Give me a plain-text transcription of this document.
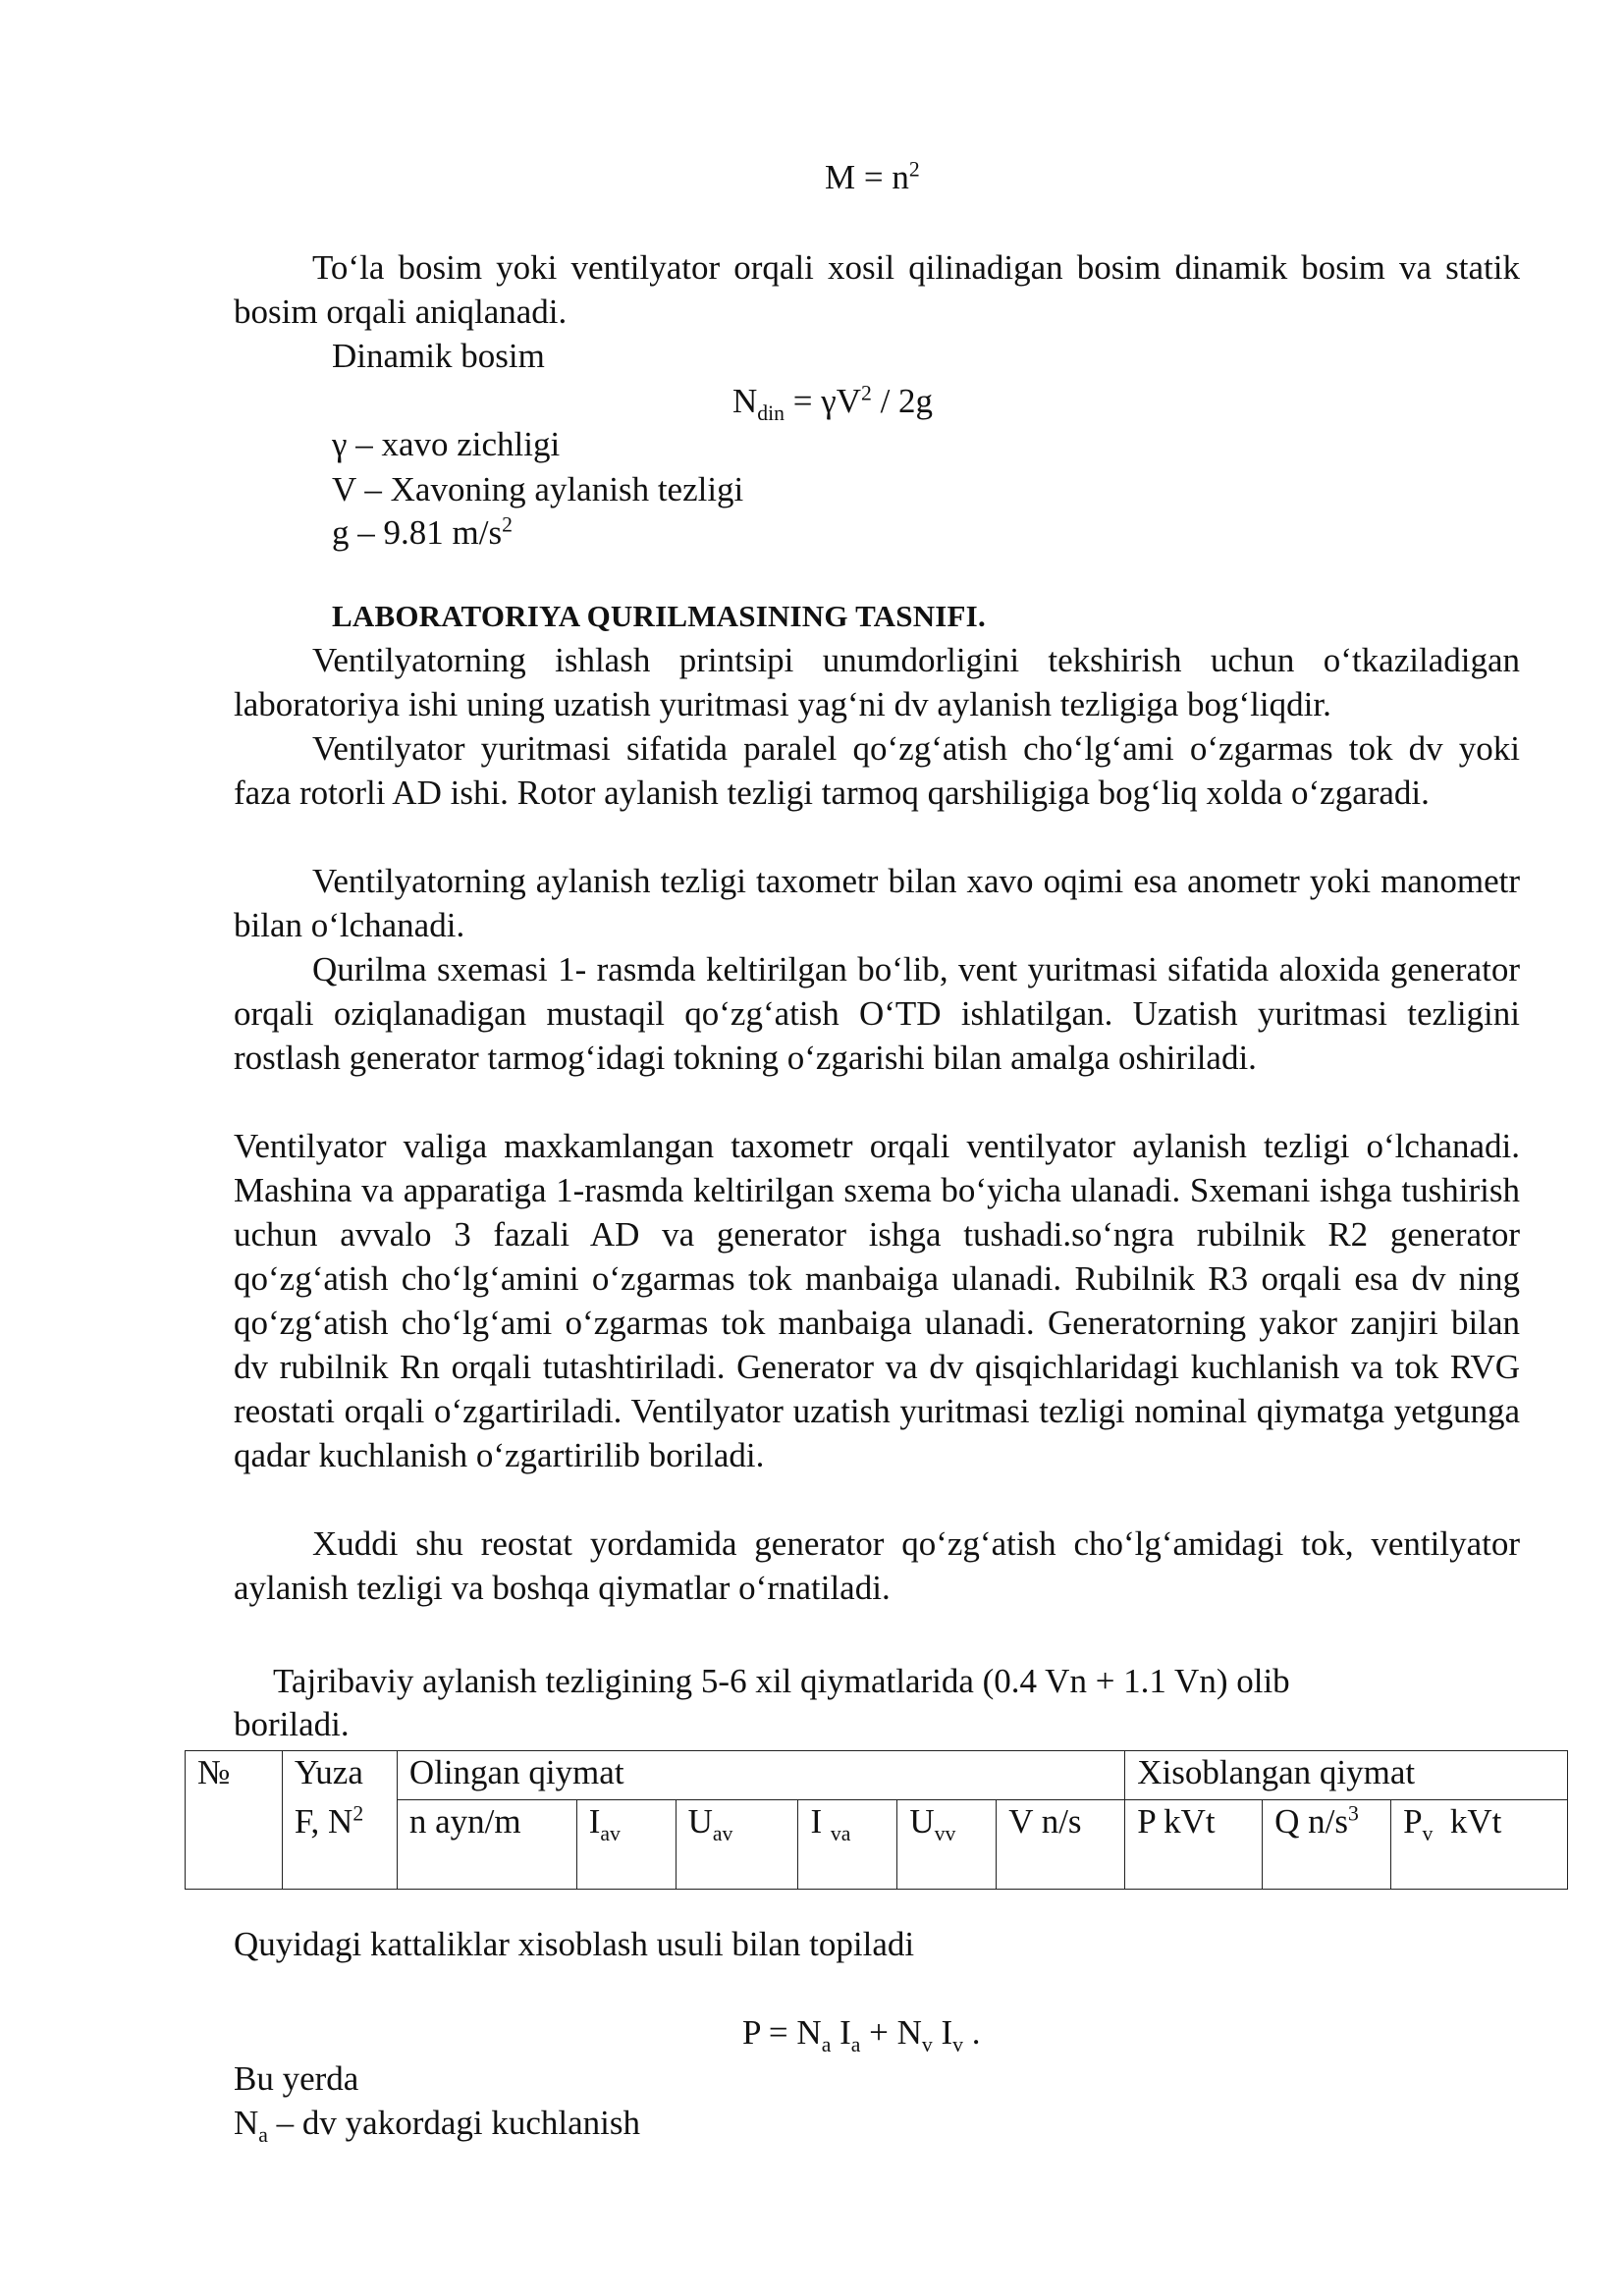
$M = n^2$
To‘la bosim yoki ventilyator orqali xosil qilinadigan bosim dinamik bosim va statik bosim orqali aniqlanadi.
Dinamik bosim
$N_{din} = \gamma V^2 / 2g$
γ – xavo zichligi
V – Xavoning aylanish tezligi
g – 9.81 $m/s^2$
LABORATORIYA QURILMASINING TASNIFI.
Ventilyatorning ishlash printsipi unumdorligini tekshirish uchun o‘tkaziladigan laboratoriya ishi uning uzatish yuritmasi yag‘ni dv aylanish tezligiga bog‘liqdir.
Ventilyator yuritmasi sifatida paralel qo‘zg‘atish cho‘lg‘ami o‘zgarmas tok dv yoki faza rotorli AD ishi. Rotor aylanish tezligi tarmoq qarshiligiga bog‘liq xolda o‘zgaradi.
Ventilyatorning aylanish tezligi taxometr bilan xavo oqimi esa anometr yoki manometr bilan o‘lchanadi.
Qurilma sxemasi 1- rasmda keltirilgan bo‘lib, vent yuritmasi sifatida aloxida generator orqali oziqlanadigan mustaqil qo‘zg‘atish O‘TD ishlatilgan. Uzatish yuritmasi tezligini rostlash generator tarmog‘idagi tokning o‘zgarishi bilan amalga oshiriladi.
Ventilyator valiga maxkamlangan taxometr orqali ventilyator aylanish tezligi o‘lchanadi. Mashina va apparatiga 1-rasmda keltirilgan sxema bo‘yicha ulanadi. Sxemani ishga tushirish uchun avvalo 3 fazali AD va generator ishga tushadi.so‘ngra rubilnik R2 generator qo‘zg‘atish cho‘lg‘amini o‘zgarmas tok manbaiga ulanadi. Rubilnik R3 orqali esa dv ning qo‘zg‘atish cho‘lg‘ami o‘zgarmas tok manbaiga ulanadi. Generatorning yakor zanjiri bilan dv rubilnik Rn orqali tutashtiriladi. Generator va dv qisqichlaridagi kuchlanish va tok RVG reostati orqali o‘zgartiriladi. Ventilyator uzatish yuritmasi tezligi nominal qiymatga yetgunga qadar kuchlanish o‘zgartirilib boriladi.
Xuddi shu reostat yordamida generator qo‘zg‘atish cho‘lg‘amidagi tok, ventilyator aylanish tezligi va boshqa qiymatlar o‘rnatiladi.
Tajribaviy aylanish tezligining 5-6 xil qiymatlarida (0.4 Vn + 1.1 Vn) olib
boriladi.
№	Yuza	Olingan qiymat						Xisoblangan qiymat		
	F, $N^2$	n ayn/m	$I_{av}$	$U_{av}$	I $_{va}$	$U_{vv}$	V n/s	P kVt	Q $n/s^3$	$P_v$  kVt
Quyidagi kattaliklar xisoblash usuli bilan topiladi
$P = N_a$ $I_a + N_v$ $I_v$ .
Bu yerda
$N_a$ – dv yakordagi kuchlanish
